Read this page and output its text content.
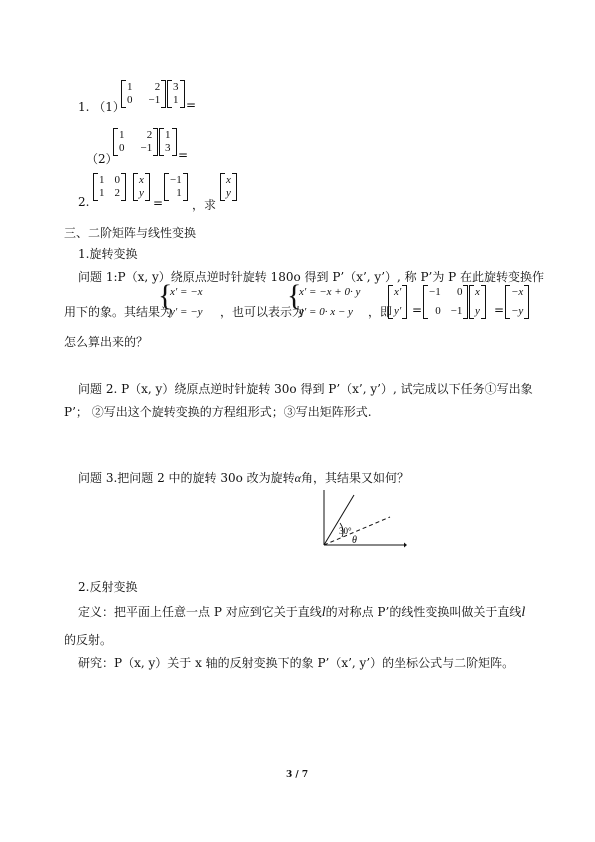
1. （1）
1	2
0	−1
3
1 =
（2）
1	2
0	−1
1
3 =
2.
1	0
1	2
x
y
=
−1
1
，求
x
y
三、二阶矩阵与线性变换
1.旋转变换
问题 1:P（x, y）绕原点逆时针旋转 180o 得到 P’（x’, y’）, 称 P’为 P 在此旋转变换作
用下的象。其结果为
{
x′ = −x
y′ = −y ，也可以表示为
{
x′ = −x + 0· y
y′ = 0· x − y	，即
x′
y′ =
−1	0
0	−1
x
y =
−x
−y
怎么算出来的？
问题 2. P（x, y）绕原点逆时针旋转 30o 得到 P’（x’, y’）, 试完成以下任务①写出象
P’； ②写出这个旋转变换的方程组形式；③写出矩阵形式.
问题 3.把问题 2 中的旋转 30o 改为旋转α角，其结果又如何？
30°
θ
2.反射变换
定义：把平面上任意一点 P 对应到它关于直线l的对称点 P’的线性变换叫做关于直线l
的反射。
研究：P（x, y）关于 x 轴的反射变换下的象 P’（x’, y’）的坐标公式与二阶矩阵。
3 / 7
